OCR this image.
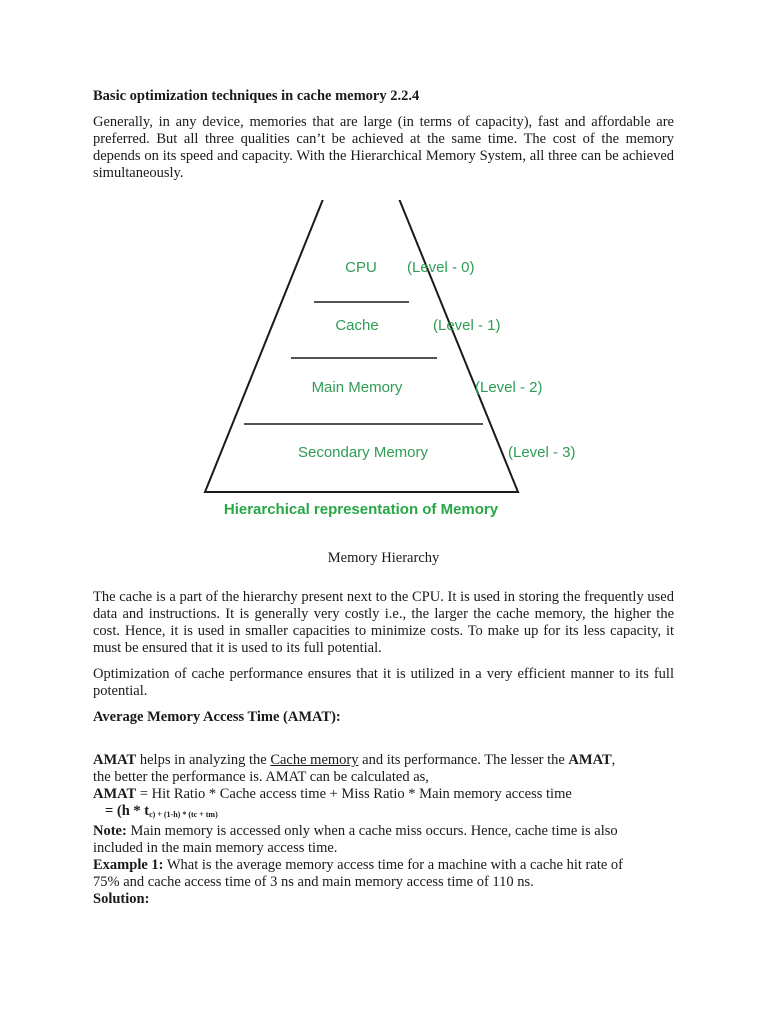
Basic optimization techniques in cache memory 2.2.4
Generally, in any device, memories that are large (in terms of capacity), fast and affordable are preferred. But all three qualities can’t be achieved at the same time. The cost of the memory depends on its speed and capacity. With the Hierarchical Memory System, all three can be achieved simultaneously.
CPU (Level - 0)
Cache	(Level - 1)
Main Memory	(Level - 2)
Secondary Memory	(Level - 3)
Hierarchical representation of Memory
Memory Hierarchy
The cache is a part of the hierarchy present next to the CPU. It is used in storing the frequently used data and instructions. It is generally very costly i.e., the larger the cache memory, the higher the cost. Hence, it is used in smaller capacities to minimize costs. To make up for its less capacity, it must be ensured that it is used to its full potential.
Optimization of cache performance ensures that it is utilized in a very efficient manner to its full potential.
Average Memory Access Time (AMAT):
AMAT helps in analyzing the Cache memory and its performance. The lesser the AMAT,
the better the performance is. AMAT can be calculated as,
AMAT = Hit Ratio * Cache access time + Miss Ratio * Main memory access time
= ($h * t_{c) + (1-h) * (tc + tm)}$
Note: Main memory is accessed only when a cache miss occurs. Hence, cache time is also
included in the main memory access time.
Example 1: What is the average memory access time for a machine with a cache hit rate of
75% and cache access time of 3 ns and main memory access time of 110 ns.
Solution:
